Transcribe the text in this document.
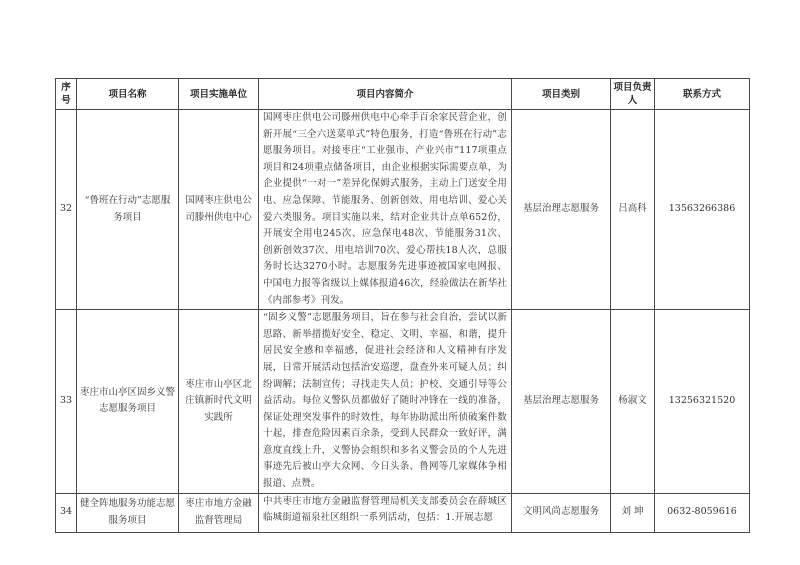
序号	项目名称	项目实施单位	项目内容简介	项目类别	项目负责人	联系方式
32	“鲁班在行动”志愿服务项目	国网枣庄供电公司滕州供电中心	国网枣庄供电公司滕州供电中心牵手百余家民营企业，创新开展“三全六送菜单式”特色服务，打造“鲁班在行动”志愿服务项目。对接枣庄“工业强市、产业兴市”117项重点项目和24项重点储备项目，由企业根据实际需要点单，为企业提供“一对一”差异化保姆式服务，主动上门送安全用电、应急保障、节能服务、创新创效、用电培训、爱心关爱六类服务。项目实施以来，结对企业共计点单652份，开展安全用电245次、应急保电48次、节能服务31次、创新创效37次、用电培训70次、爱心帮扶18人次，总服务时长达3270小时。志愿服务先进事迹被国家电网报、中国电力报等省级以上媒体报道46次，经验做法在新华社《内部参考》刊发。	基层治理志愿服务	吕高科	13563266386
33	枣庄市山亭区固乡义警志愿服务项目	枣庄市山亭区北庄镇新时代文明实践所	“固乡义警”志愿服务项目，旨在参与社会自治，尝试以新思路、新举措揽好安全、稳定、文明、幸福、和谐，提升居民安全感和幸福感，促进社会经济和人文精神有序发展，日常开展活动包括治安巡逻，盘查外来可疑人员；纠纷调解；法制宣传；寻找走失人员；护校、交通引导等公益活动。每位义警队员都做好了随时冲锋在一线的准备，保证处理突发事件的时效性，每年协助派出所侦破案件数十起，排查危险因素百余条，受到人民群众一致好评，满意度直线上升，义警协会组织和多名义警会员的个人先进事迹先后被山亭大众网、今日头条、鲁网等几家媒体争相报道、点赞。	基层治理志愿服务	杨淑文	13256321520
34	健全阵地服务功能志愿服务项目	枣庄市地方金融监督管理局	中共枣庄市地方金融监督管理局机关支部委员会在薛城区临城街道福泉社区组织一系列活动，包括：1.开展志愿	文明风尚志愿服务	刘 坤	0632-8059616
